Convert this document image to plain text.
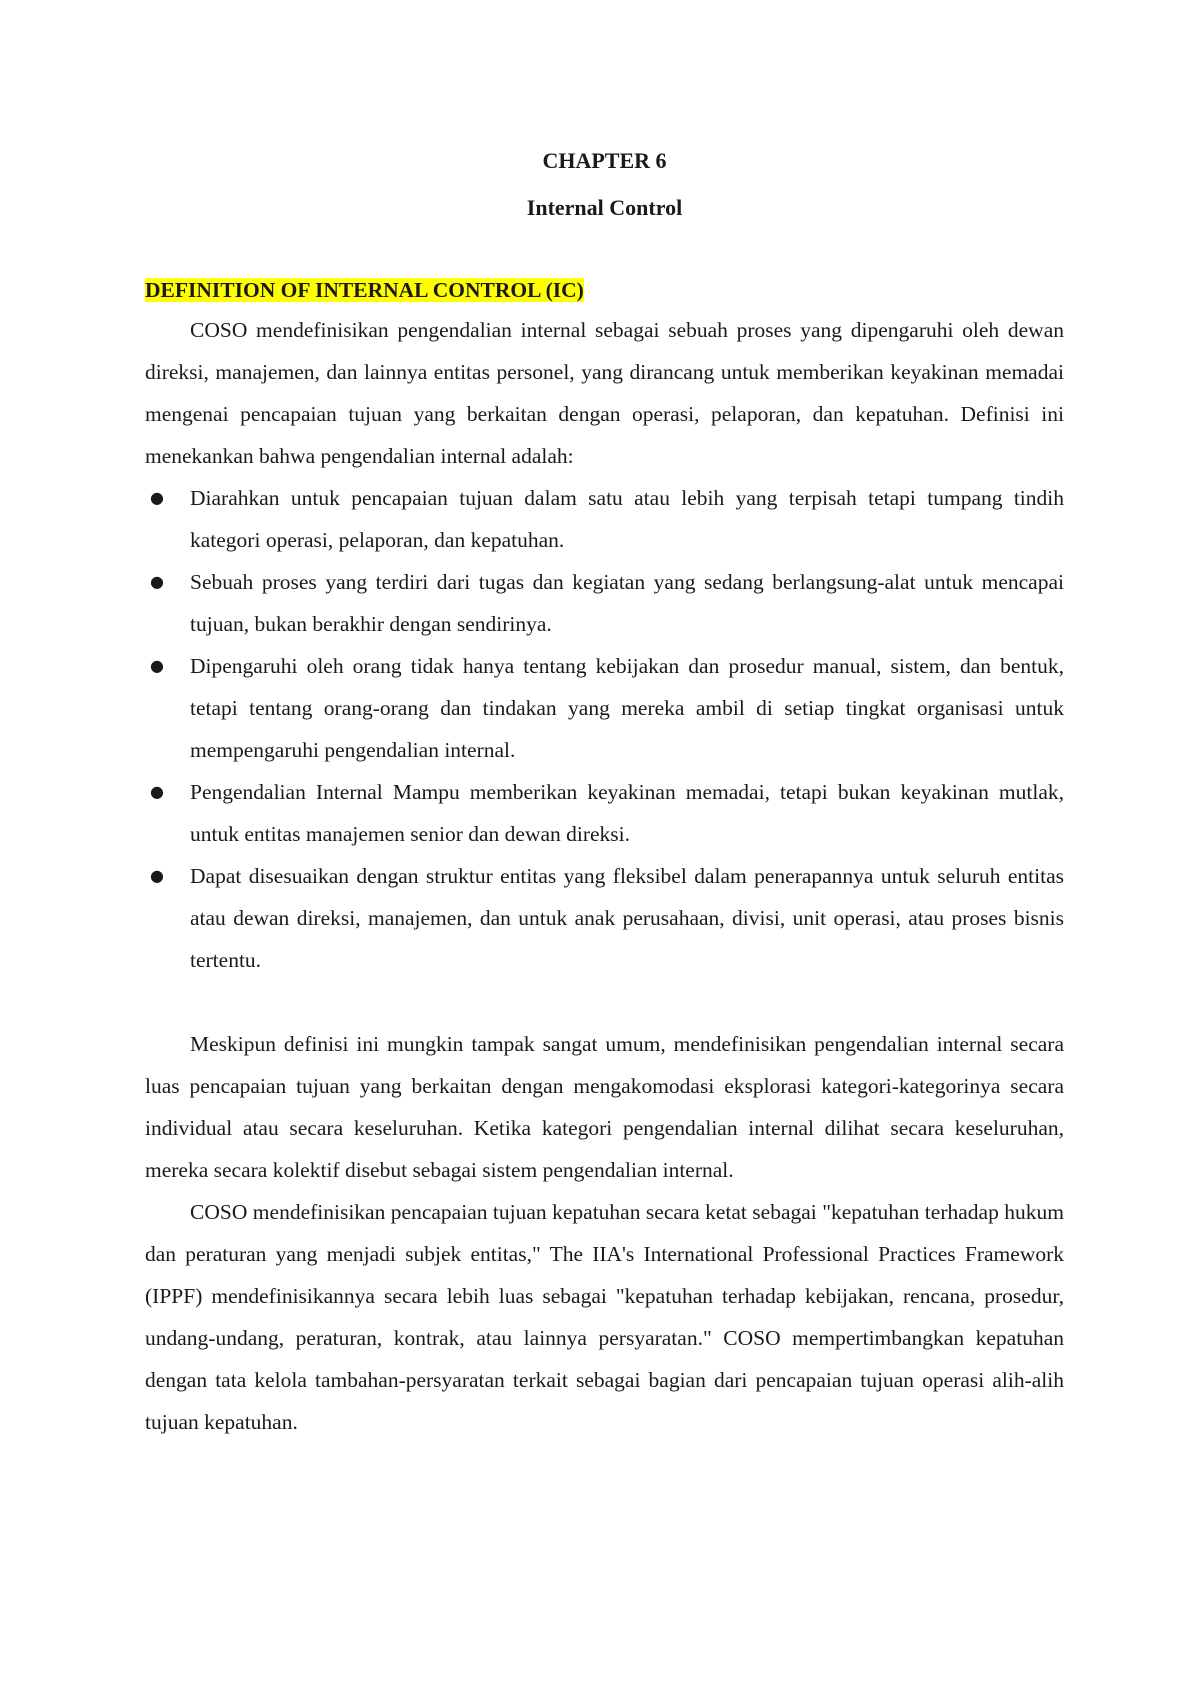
CHAPTER 6
Internal Control
DEFINITION OF INTERNAL CONTROL (IC)

COSO mendefinisikan pengendalian internal sebagai sebuah proses yang dipengaruhi oleh dewan direksi, manajemen, dan lainnya entitas personel, yang dirancang untuk memberikan keyakinan memadai mengenai pencapaian tujuan yang berkaitan dengan operasi, pelaporan, dan kepatuhan. Definisi ini menekankan bahwa pengendalian internal adalah:

● Diarahkan untuk pencapaian tujuan dalam satu atau lebih yang terpisah tetapi tumpang tindih kategori operasi, pelaporan, dan kepatuhan.
● Sebuah proses yang terdiri dari tugas dan kegiatan yang sedang berlangsung-alat untuk mencapai tujuan, bukan berakhir dengan sendirinya.
● Dipengaruhi oleh orang tidak hanya tentang kebijakan dan prosedur manual, sistem, dan bentuk, tetapi tentang orang-orang dan tindakan yang mereka ambil di setiap tingkat organisasi untuk mempengaruhi pengendalian internal.
● Pengendalian Internal Mampu memberikan keyakinan memadai, tetapi bukan keyakinan mutlak, untuk entitas manajemen senior dan dewan direksi.
● Dapat disesuaikan dengan struktur entitas yang fleksibel dalam penerapannya untuk seluruh entitas atau dewan direksi, manajemen, dan untuk anak perusahaan, divisi, unit operasi, atau proses bisnis tertentu.

Meskipun definisi ini mungkin tampak sangat umum, mendefinisikan pengendalian internal secara luas pencapaian tujuan yang berkaitan dengan mengakomodasi eksplorasi kategori-kategorinya secara individual atau secara keseluruhan. Ketika kategori pengendalian internal dilihat secara keseluruhan, mereka secara kolektif disebut sebagai sistem pengendalian internal.

COSO mendefinisikan pencapaian tujuan kepatuhan secara ketat sebagai "kepatuhan terhadap hukum dan peraturan yang menjadi subjek entitas," The IIA's International Professional Practices Framework (IPPF) mendefinisikannya secara lebih luas sebagai "kepatuhan terhadap kebijakan, rencana, prosedur, undang-undang, peraturan, kontrak, atau lainnya persyaratan." COSO mempertimbangkan kepatuhan dengan tata kelola tambahan-persyaratan terkait sebagai bagian dari pencapaian tujuan operasi alih-alih tujuan kepatuhan.
